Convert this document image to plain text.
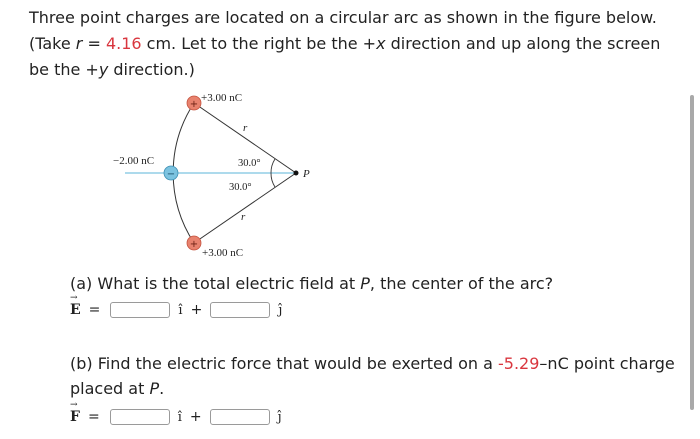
Three point charges are located on a circular arc as shown in the figure below. (Take r = 4.16 cm. Let to the right be the +x direction and up along the screen be the +y direction.)
+
−
+
+3.00 nC
−2.00 nC
+3.00 nC
r
r
30.0°
30.0°
P
(a) What is the total electric field at P, the center of the arc?
→
E =	î +	ĵ
(b) Find the electric force that would be exerted on a -5.29–nC point charge placed at P.
→
F =	î +	ĵ
